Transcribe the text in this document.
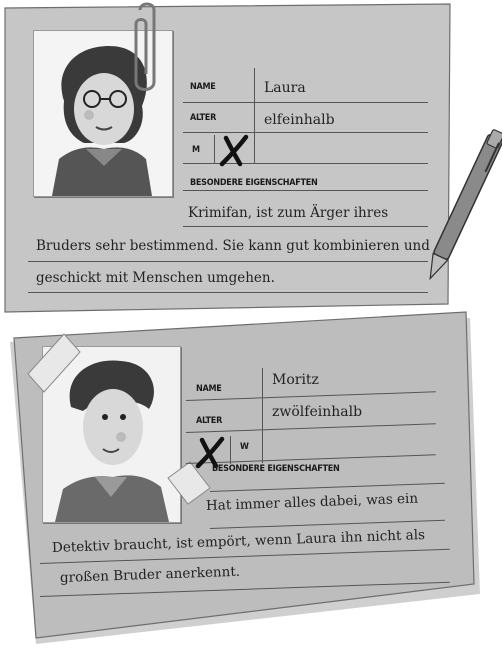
NAME	Laura
ALTER	elfeinhalb
M
BESONDERE EIGENSCHAFTEN
Krimifan, ist zum Ärger ihres
Bruders sehr bestimmend. Sie kann gut kombinieren und
geschickt mit Menschen umgehen.
NAME
Moritz
ALTER
zwölfeinhalb
W
BESONDERE EIGENSCHAFTEN
Hat immer alles dabei, was ein
Detektiv braucht, ist empört, wenn Laura ihn nicht als
großen Bruder anerkennt.
